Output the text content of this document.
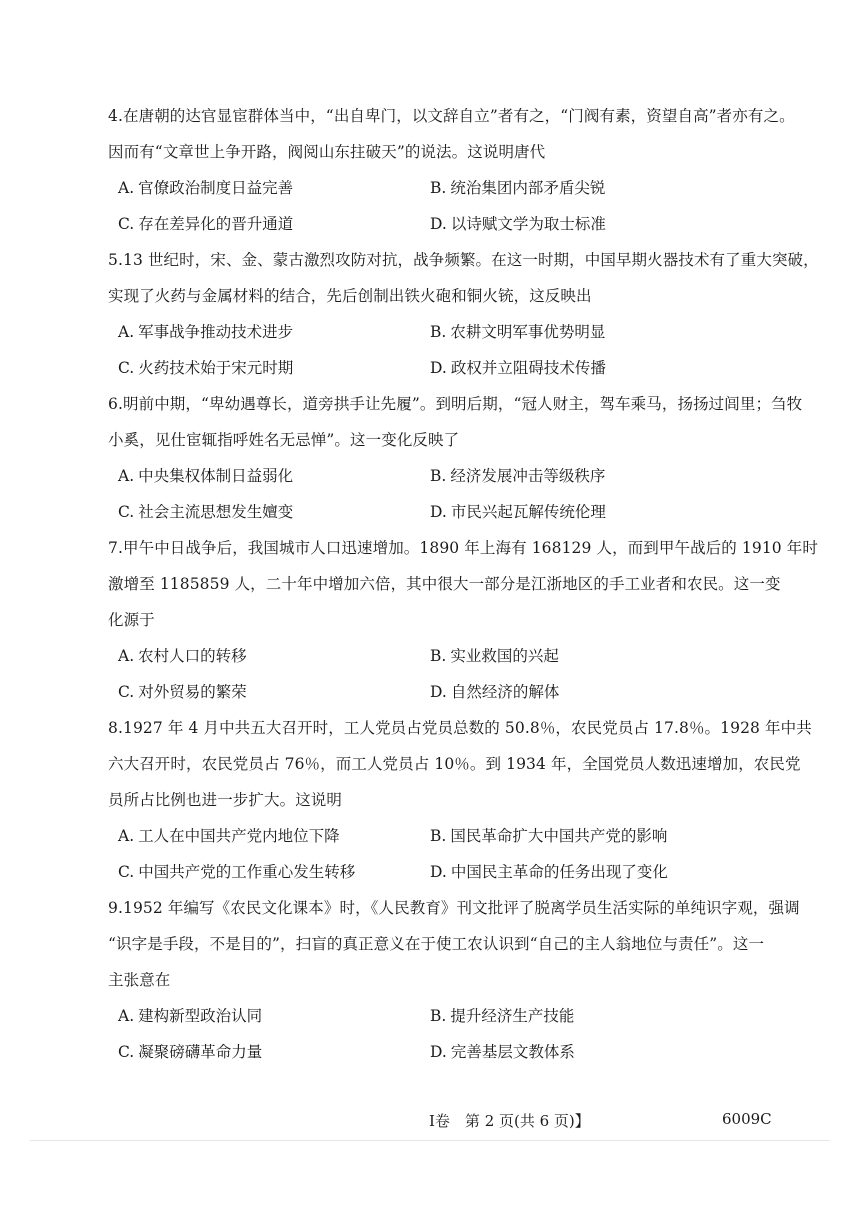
4.在唐朝的达官显宦群体当中，“出自卑门，以文辞自立”者有之，“门阀有素，资望自高”者亦有之。
因而有“文章世上争开路，阀阅山东拄破天”的说法。这说明唐代
A. 官僚政治制度日益完善	B. 统治集团内部矛盾尖锐
C. 存在差异化的晋升通道	D. 以诗赋文学为取士标准
5.13 世纪时，宋、金、蒙古激烈攻防对抗，战争频繁。在这一时期，中国早期火器技术有了重大突破，
实现了火药与金属材料的结合，先后创制出铁火砲和铜火铳，这反映出
A. 军事战争推动技术进步	B. 农耕文明军事优势明显
C. 火药技术始于宋元时期	D. 政权并立阻碍技术传播
6.明前中期，“卑幼遇尊长，道旁拱手让先履”。到明后期，“冠人财主，驾车乘马，扬扬过闾里；刍牧
小奚，见仕宦辄指呼姓名无忌惮”。这一变化反映了
A. 中央集权体制日益弱化	B. 经济发展冲击等级秩序
C. 社会主流思想发生嬗变	D. 市民兴起瓦解传统伦理
7.甲午中日战争后，我国城市人口迅速增加。1890 年上海有 168129 人，而到甲午战后的 1910 年时
激增至 1185859 人，二十年中增加六倍，其中很大一部分是江浙地区的手工业者和农民。这一变
化源于
A. 农村人口的转移	B. 实业救国的兴起
C. 对外贸易的繁荣	D. 自然经济的解体
8.1927 年 4 月中共五大召开时，工人党员占党员总数的 50.8％，农民党员占 17.8％。1928 年中共
六大召开时，农民党员占 76％，而工人党员占 10％。到 1934 年，全国党员人数迅速增加，农民党
员所占比例也进一步扩大。这说明
A. 工人在中国共产党内地位下降	B. 国民革命扩大中国共产党的影响
C. 中国共产党的工作重心发生转移	D. 中国民主革命的任务出现了变化
9.1952 年编写《农民文化课本》时，《人民教育》刊文批评了脱离学员生活实际的单纯识字观，强调
“识字是手段，不是目的”，扫盲的真正意义在于使工农认识到“自己的主人翁地位与责任”。这一
主张意在
A. 建构新型政治认同	B. 提升经济生产技能
C. 凝聚磅礴革命力量	D. 完善基层文教体系
Ⅰ卷　第 2 页(共 6 页)】	6009C
